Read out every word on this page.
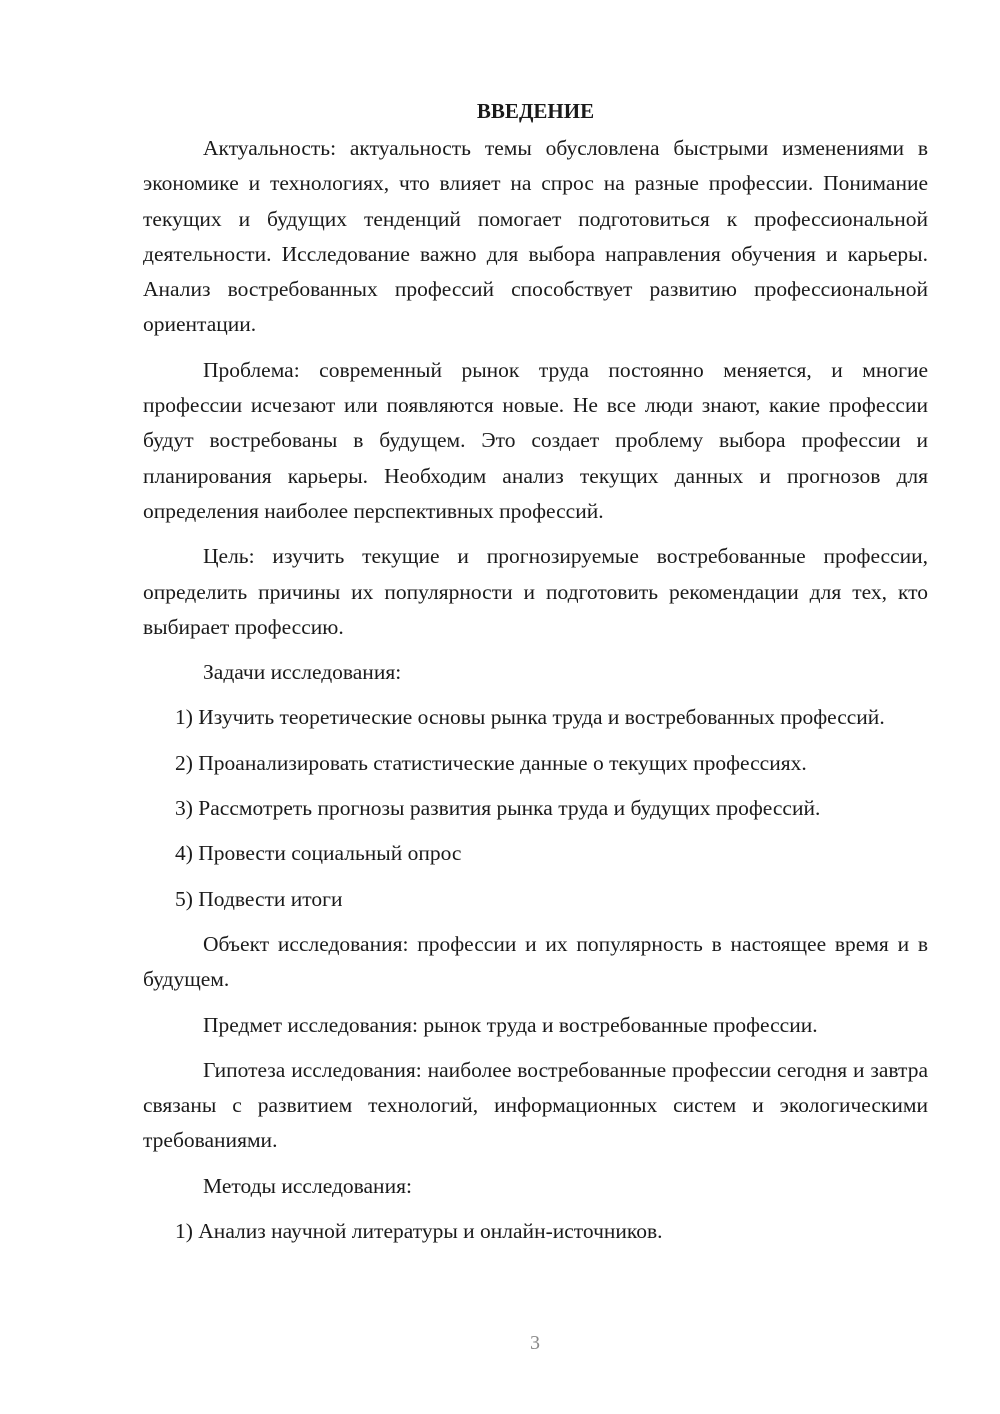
ВВЕДЕНИЕ

Актуальность: актуальность темы обусловлена быстрыми изменениями в экономике и технологиях, что влияет на спрос на разные профессии. Понимание текущих и будущих тенденций помогает подготовиться к профессиональной деятельности. Исследование важно для выбора направления обучения и карьеры. Анализ востребованных профессий способствует развитию профессиональной ориентации.

Проблема: современный рынок труда постоянно меняется, и многие профессии исчезают или появляются новые. Не все люди знают, какие профессии будут востребованы в будущем. Это создает проблему выбора профессии и планирования карьеры. Необходим анализ текущих данных и прогнозов для определения наиболее перспективных профессий.

Цель: изучить текущие и прогнозируемые востребованные профессии, определить причины их популярности и подготовить рекомендации для тех, кто выбирает профессию.

Задачи исследования:

1) Изучить теоретические основы рынка труда и востребованных профессий.

2) Проанализировать статистические данные о текущих профессиях.

3) Рассмотреть прогнозы развития рынка труда и будущих профессий.

4) Провести социальный опрос

5) Подвести итоги

Объект исследования: профессии и их популярность в настоящее время и в будущем.

Предмет исследования: рынок труда и востребованные профессии.

Гипотеза исследования: наиболее востребованные профессии сегодня и завтра связаны с развитием технологий, информационных систем и экологическими требованиями.

Методы исследования:

1) Анализ научной литературы и онлайн-источников.

3
